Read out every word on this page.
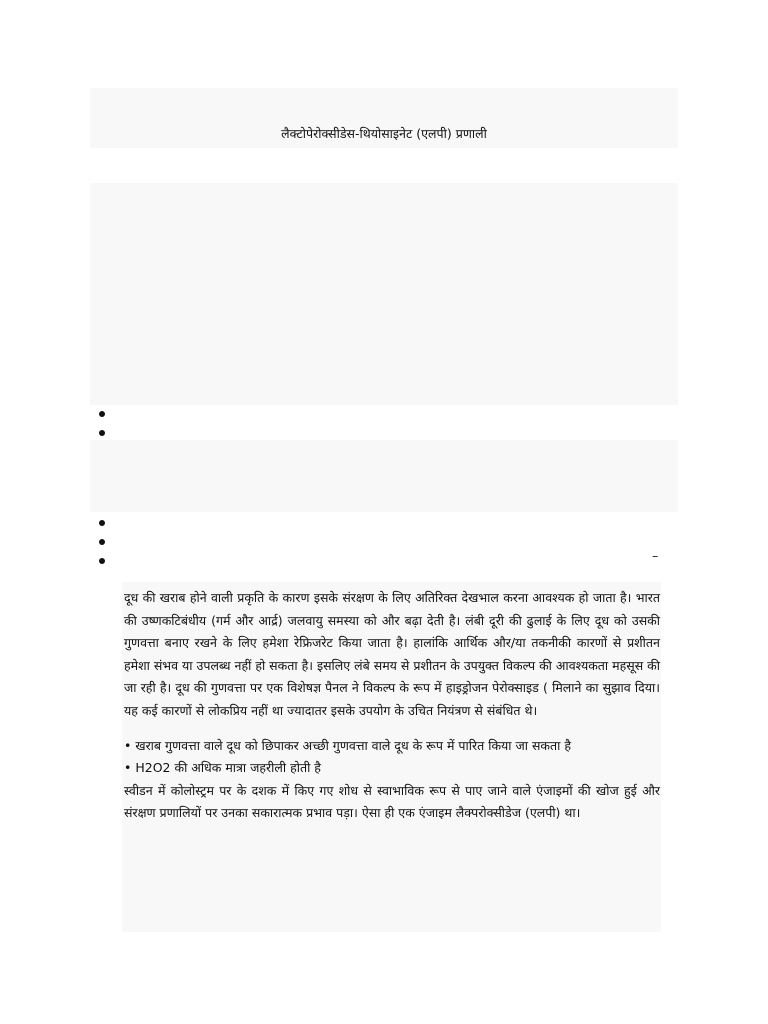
लैक्टोपेरोक्सीडेस-थियोसाइनेट (एलपी) प्रणाली
–

दूध की खराब होने वाली प्रकृति के कारण इसके संरक्षण के लिए अतिरिक्त देखभाल करना आवश्यक हो जाता है। भारत की उष्णकटिबंधीय (गर्म और आर्द्र) जलवायु समस्या को और बढ़ा देती है। लंबी दूरी की ढुलाई के लिए दूध को उसकी गुणवत्ता बनाए रखने के लिए हमेशा रेफ्रिजरेट किया जाता है। हालांकि आर्थिक और/या तकनीकी कारणों से प्रशीतन हमेशा संभव या उपलब्ध नहीं हो सकता है। इसलिए लंबे समय से प्रशीतन के उपयुक्त विकल्प की आवश्यकता महसूस की जा रही है। दूध की गुणवत्ता पर एक विशेषज्ञ पैनल ने विकल्प के रूप में हाइड्रोजन पेरोक्साइड ( मिलाने का सुझाव दिया। यह कई कारणों से लोकप्रिय नहीं था ज्यादातर इसके उपयोग के उचित नियंत्रण से संबंधित थे।

• खराब गुणवत्ता वाले दूध को छिपाकर अच्छी गुणवत्ता वाले दूध के रूप में पारित किया जा सकता है

• H2O2 की अधिक मात्रा जहरीली होती है

स्वीडन में कोलोस्ट्रम पर के दशक में किए गए शोध से स्वाभाविक रूप से पाए जाने वाले एंजाइमों की खोज हुई और संरक्षण प्रणालियों पर उनका सकारात्मक प्रभाव पड़ा। ऐसा ही एक एंजाइम लैक्परोक्सीडेज (एलपी) था।
